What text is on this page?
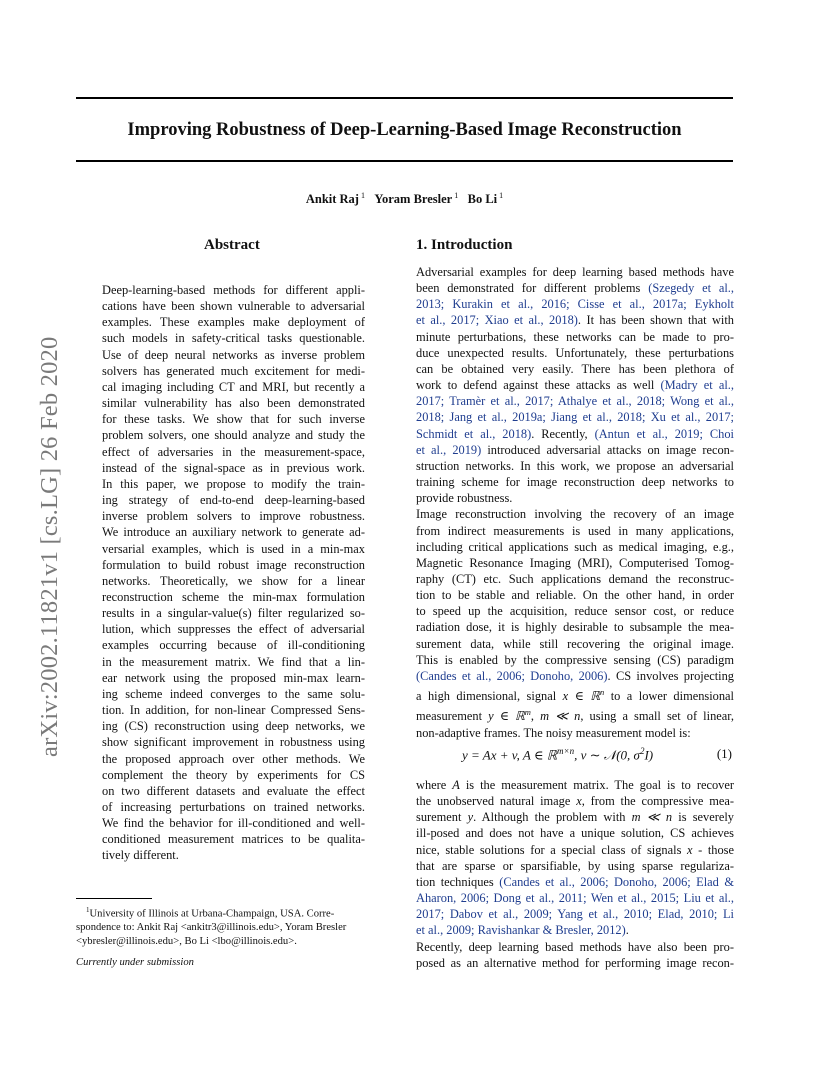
arXiv:2002.11821v1 [cs.LG] 26 Feb 2020
Improving Robustness of Deep-Learning-Based Image Reconstruction
Ankit Raj $^1$ Yoram Bresler $^1$ Bo Li $^1$
Abstract

Deep-learning-based methods for different appli-

cations have been shown vulnerable to adversarial

examples. These examples make deployment of

such models in safety-critical tasks questionable.

Use of deep neural networks as inverse problem

solvers has generated much excitement for medi-

cal imaging including CT and MRI, but recently a

similar vulnerability has also been demonstrated

for these tasks. We show that for such inverse

problem solvers, one should analyze and study the

effect of adversaries in the measurement-space,

instead of the signal-space as in previous work.

In this paper, we propose to modify the train-

ing strategy of end-to-end deep-learning-based

inverse problem solvers to improve robustness.

We introduce an auxiliary network to generate ad-

versarial examples, which is used in a min-max

formulation to build robust image reconstruction

networks. Theoretically, we show for a linear

reconstruction scheme the min-max formulation

results in a singular-value(s) filter regularized so-

lution, which suppresses the effect of adversarial

examples occurring because of ill-conditioning

in the measurement matrix. We find that a lin-

ear network using the proposed min-max learn-

ing scheme indeed converges to the same solu-

tion. In addition, for non-linear Compressed Sens-

ing (CS) reconstruction using deep networks, we

show significant improvement in robustness using

the proposed approach over other methods. We

complement the theory by experiments for CS

on two different datasets and evaluate the effect

of increasing perturbations on trained networks.

We find the behavior for ill-conditioned and well-

conditioned measurement matrices to be qualita-

tively different.

1. Introduction

Adversarial examples for deep learning based methods have

been demonstrated for different problems (Szegedy et al.,

2013; Kurakin et al., 2016; Cisse et al., 2017a; Eykholt

et al., 2017; Xiao et al., 2018). It has been shown that with

minute perturbations, these networks can be made to pro-

duce unexpected results. Unfortunately, these perturbations

can be obtained very easily. There has been plethora of

work to defend against these attacks as well (Madry et al.,

2017; Tramèr et al., 2017; Athalye et al., 2018; Wong et al.,

2018; Jang et al., 2019a; Jiang et al., 2018; Xu et al., 2017;

Schmidt et al., 2018). Recently, (Antun et al., 2019; Choi

et al., 2019) introduced adversarial attacks on image recon-

struction networks. In this work, we propose an adversarial

training scheme for image reconstruction deep networks to

provide robustness.

Image reconstruction involving the recovery of an image

from indirect measurements is used in many applications,

including critical applications such as medical imaging, e.g.,

Magnetic Resonance Imaging (MRI), Computerised Tomog-

raphy (CT) etc. Such applications demand the reconstruc-

tion to be stable and reliable. On the other hand, in order

to speed up the acquisition, reduce sensor cost, or reduce

radiation dose, it is highly desirable to subsample the mea-

surement data, while still recovering the original image.

This is enabled by the compressive sensing (CS) paradigm

(Candes et al., 2006; Donoho, 2006). CS involves projecting

a high dimensional, signal x ∈ ℝ$^n$ to a lower dimensional

measurement y ∈ ℝ$^m$, m ≪ n, using a small set of linear,

non-adaptive frames. The noisy measurement model is:

y = Ax + v, A ∈ ℝ$^{m\times n}$, v ∼ 𝒩(0, $\sigma^2I$)	(1)

where A is the measurement matrix. The goal is to recover

the unobserved natural image x, from the compressive mea-

surement y. Although the problem with m ≪ n is severely

ill-posed and does not have a unique solution, CS achieves

nice, stable solutions for a special class of signals x - those

that are sparse or sparsifiable, by using sparse regulariza-

tion techniques (Candes et al., 2006; Donoho, 2006; Elad &

Aharon, 2006; Dong et al., 2011; Wen et al., 2015; Liu et al.,

2017; Dabov et al., 2009; Yang et al., 2010; Elad, 2010; Li

et al., 2009; Ravishankar & Bresler, 2012).

Recently, deep learning based methods have also been pro-

posed as an alternative method for performing image recon-

$^1$University of Illinois at Urbana-Champaign, USA. Corre-
spondence to: Ankit Raj <ankitr3@illinois.edu>, Yoram Bresler
<ybresler@illinois.edu>, Bo Li <lbo@illinois.edu>.
Currently under submission
